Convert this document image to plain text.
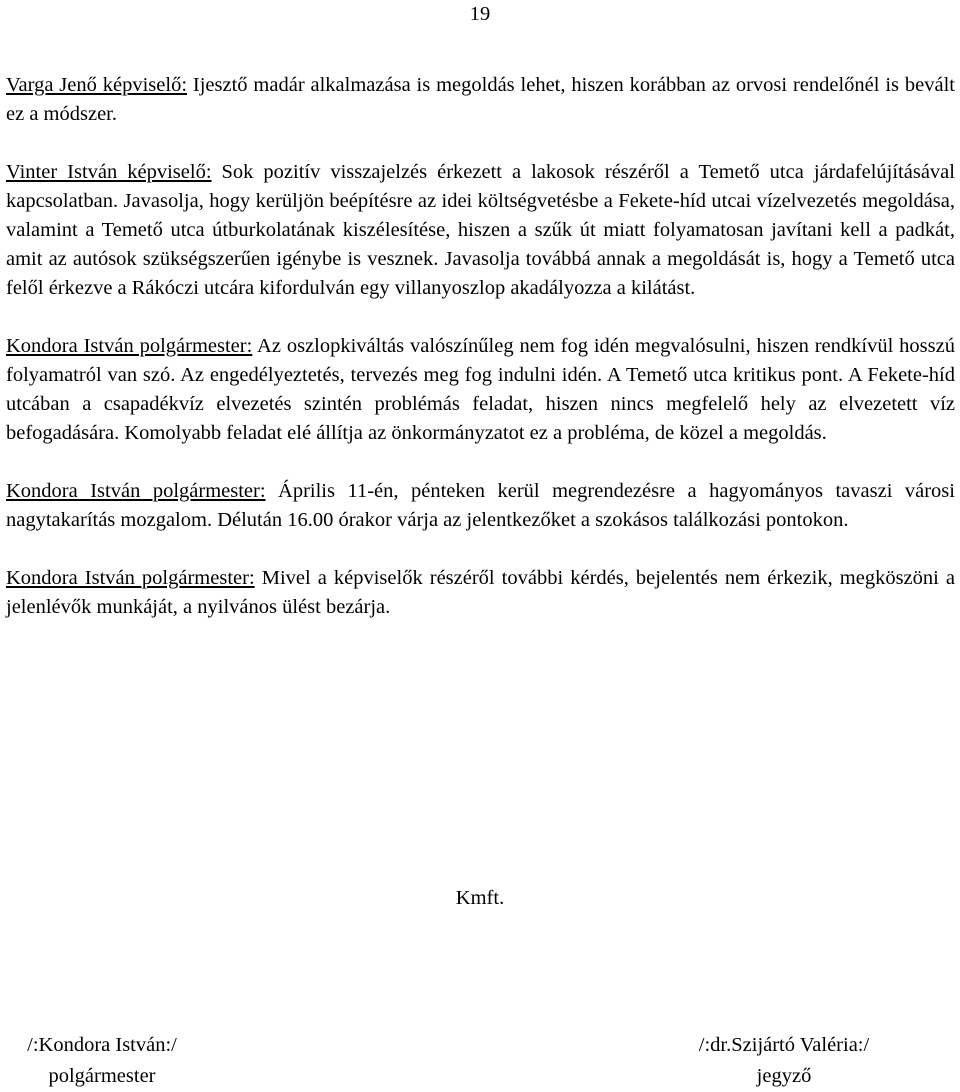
19

Varga Jenő képviselő: Ijesztő madár alkalmazása is megoldás lehet, hiszen korábban az orvosi rendelőnél is bevált ez a módszer.

Vinter István képviselő: Sok pozitív visszajelzés érkezett a lakosok részéről a Temető utca járdafelújításával kapcsolatban. Javasolja, hogy kerüljön beépítésre az idei költségvetésbe a Fekete-híd utcai vízelvezetés megoldása, valamint a Temető utca útburkolatának kiszélesítése, hiszen a szűk út miatt folyamatosan javítani kell a padkát, amit az autósok szükségszerűen igénybe is vesznek. Javasolja továbbá annak a megoldását is, hogy a Temető utca felől érkezve a Rákóczi utcára kifordulván egy villanyoszlop akadályozza a kilátást.

Kondora István polgármester: Az oszlopkiváltás valószínűleg nem fog idén megvalósulni, hiszen rendkívül hosszú folyamatról van szó. Az engedélyeztetés, tervezés meg fog indulni idén. A Temető utca kritikus pont. A Fekete-híd utcában a csapadékvíz elvezetés szintén problémás feladat, hiszen nincs megfelelő hely az elvezetett víz befogadására. Komolyabb feladat elé állítja az önkormányzatot ez a probléma, de közel a megoldás.

Kondora István polgármester: Április 11-én, pénteken kerül megrendezésre a hagyományos tavaszi városi nagytakarítás mozgalom. Délután 16.00 órakor várja az jelentkezőket a szokásos találkozási pontokon.

Kondora István polgármester: Mivel a képviselők részéről további kérdés, bejelentés nem érkezik, megköszöni a jelenlévők munkáját, a nyilvános ülést bezárja.

Kmft.
/:Kondora István:/
polgármester
/:dr.Szijártó Valéria:/
jegyző
